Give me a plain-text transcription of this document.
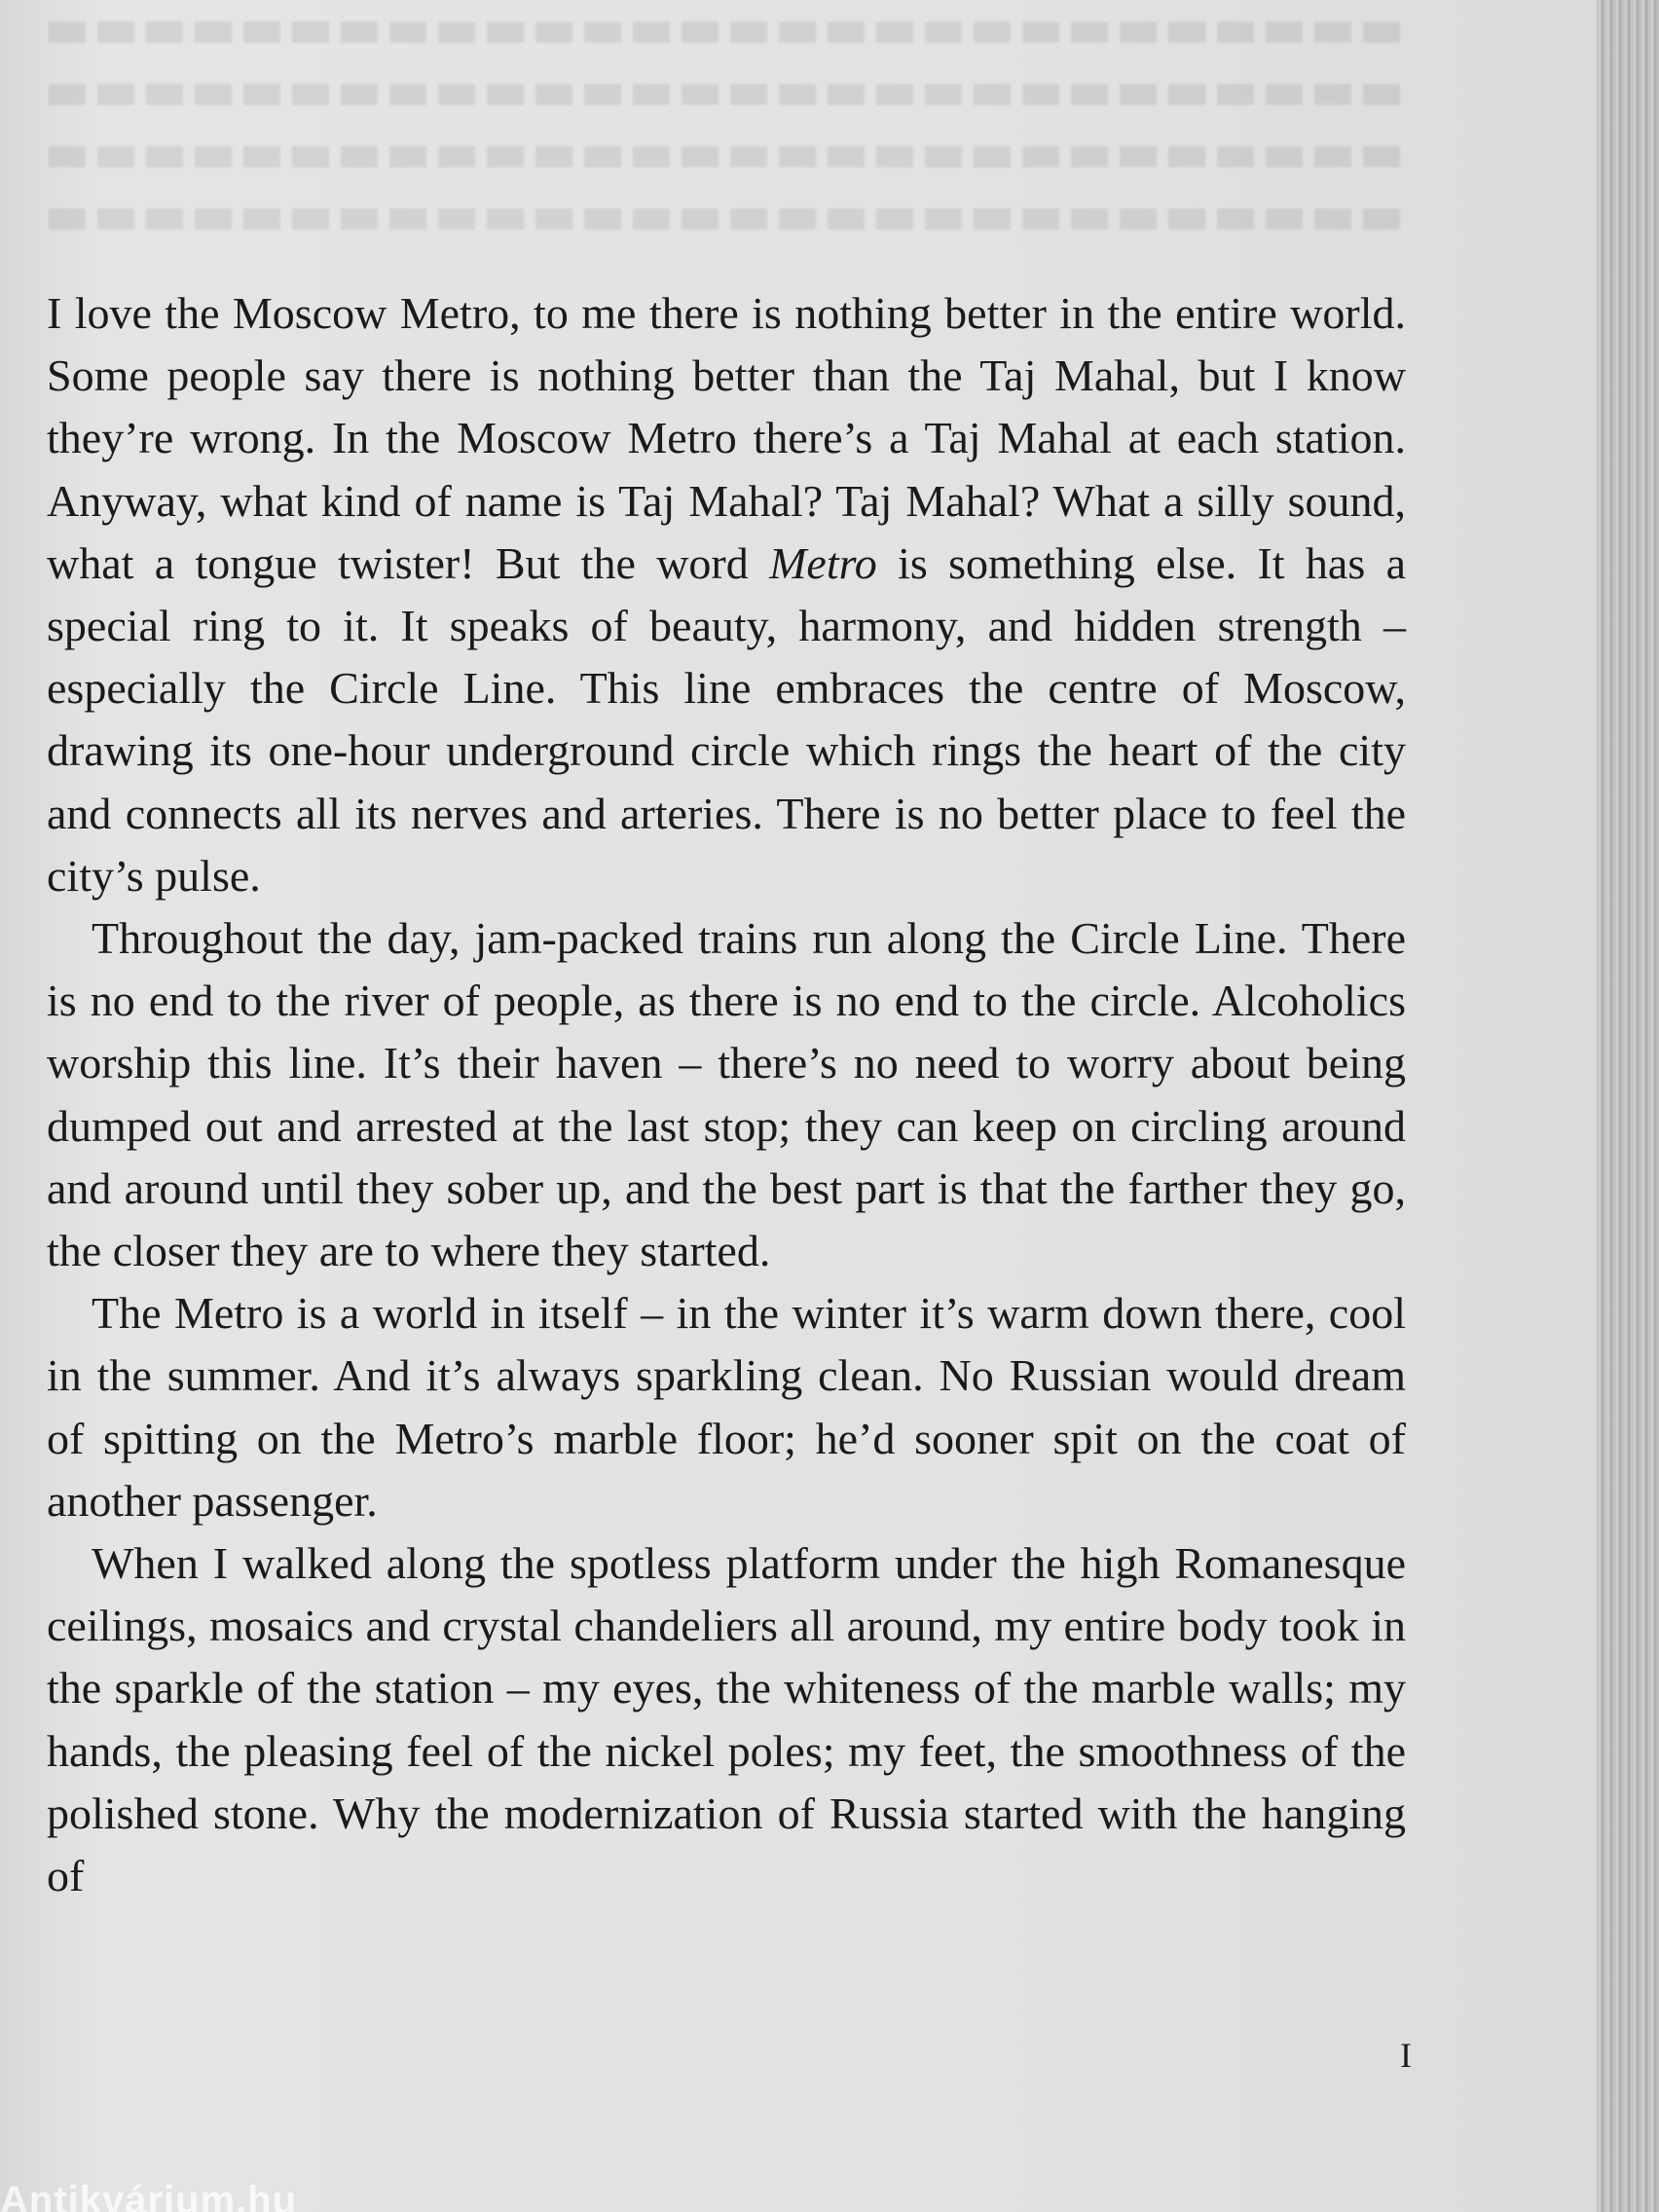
I love the Moscow Metro, to me there is nothing better in the entire world. Some people say there is nothing better than the Taj Mahal, but I know they’re wrong. In the Moscow Metro there’s a Taj Mahal at each station. Anyway, what kind of name is Taj Mahal? Taj Mahal? What a silly sound, what a tongue twister! But the word Metro is something else. It has a special ring to it. It speaks of beauty, harmony, and hidden strength – especially the Circle Line. This line embraces the centre of Moscow, drawing its one-hour underground circle which rings the heart of the city and connects all its nerves and arteries. There is no better place to feel the city’s pulse.

Throughout the day, jam-packed trains run along the Circle Line. There is no end to the river of people, as there is no end to the circle. Alcoholics worship this line. It’s their haven – there’s no need to worry about being dumped out and arrested at the last stop; they can keep on circling around and around until they sober up, and the best part is that the farther they go, the closer they are to where they started.

The Metro is a world in itself – in the winter it’s warm down there, cool in the summer. And it’s always sparkling clean. No Russian would dream of spitting on the Metro’s marble floor; he’d sooner spit on the coat of another passenger.

When I walked along the spotless platform under the high Romanesque ceilings, mosaics and crystal chandeliers all around, my entire body took in the sparkle of the station – my eyes, the whiteness of the marble walls; my hands, the pleasing feel of the nickel poles; my feet, the smoothness of the polished stone. Why the modernization of Russia started with the hanging of

I
Antikvárium.hu
